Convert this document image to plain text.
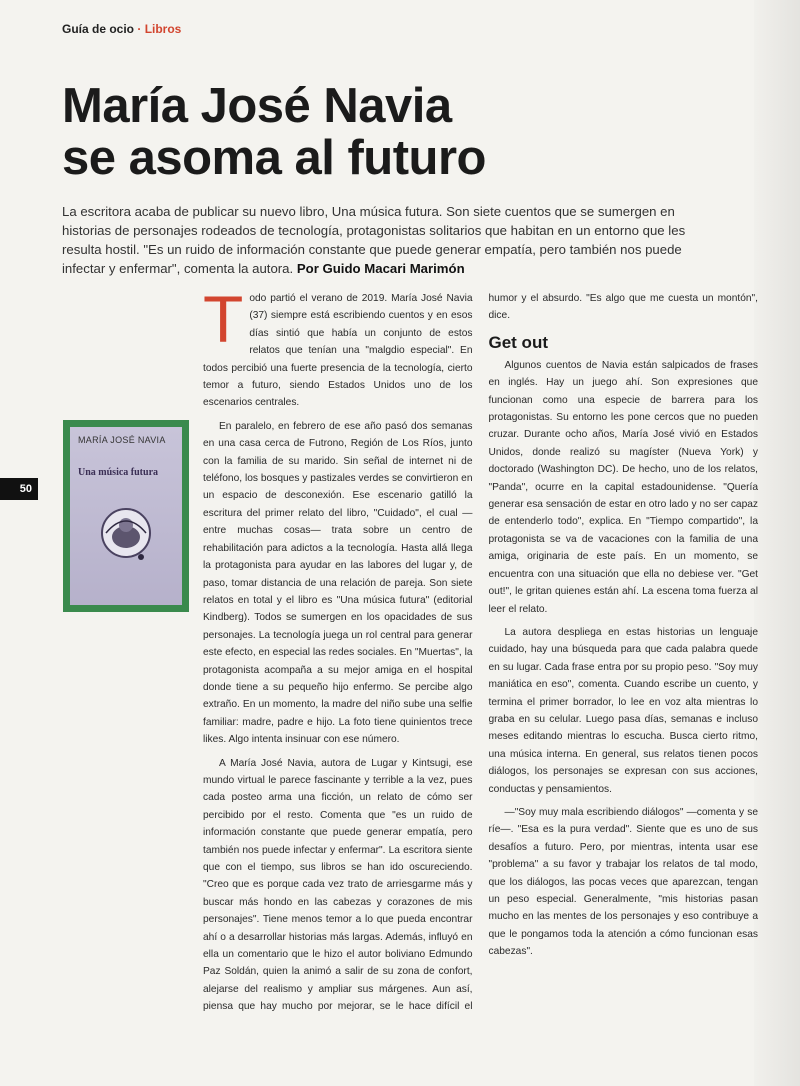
Guía de ocio · Libros
50
María José Navia
se asoma al futuro

La escritora acaba de publicar su nuevo libro, Una música futura. Son siete cuentos que se sumergen en historias de personajes rodeados de tecnología, protagonistas solitarios que habitan en un entorno que les resulta hostil. "Es un ruido de información constante que puede generar empatía, pero también nos puede infectar y enfermar", comenta la autora. Por Guido Macari Marimón

MARÍA JOSÉ NAVIA
Una música futura

Todo partió el verano de 2019. María José Navia (37) siempre está escribiendo cuentos y en esos días sintió que había un conjunto de estos relatos que tenían una "malgdio especial". En todos percibió una fuerte presencia de la tecnología, cierto temor a futuro, siendo Estados Unidos uno de los escenarios centrales.

En paralelo, en febrero de ese año pasó dos semanas en una casa cerca de Futrono, Región de Los Ríos, junto con la familia de su marido. Sin señal de internet ni de teléfono, los bosques y pastizales verdes se convirtieron en un espacio de desconexión. Ese escenario gatilló la escritura del primer relato del libro, "Cuidado", el cual —entre muchas cosas— trata sobre un centro de rehabilitación para adictos a la tecnología. Hasta allá llega la protagonista para ayudar en las labores del lugar y, de paso, tomar distancia de una relación de pareja. Son siete relatos en total y el libro es "Una música futura" (editorial Kindberg). Todos se sumergen en los opacidades de sus personajes. La tecnología juega un rol central para generar este efecto, en especial las redes sociales. En "Muertas", la protagonista acompaña a su mejor amiga en el hospital donde tiene a su pequeño hijo enfermo. Se percibe algo extraño. En un momento, la madre del niño sube una selfie familiar: madre, padre e hijo. La foto tiene quinientos trece likes. Algo intenta insinuar con ese número.

A María José Navia, autora de Lugar y Kintsugi, ese mundo virtual le parece fascinante y terrible a la vez, pues cada posteo arma una ficción, un relato de cómo ser percibido por el resto. Comenta que "es un ruido de información constante que puede generar empatía, pero también nos puede infectar y enfermar". La escritora siente que con el tiempo, sus libros se han ido oscureciendo. "Creo que es porque cada vez trato de arriesgarme más y buscar más hondo en las cabezas y corazones de mis personajes". Tiene menos temor a lo que pueda encontrar ahí o a desarrollar historias más largas. Además, influyó en ella un comentario que le hizo el autor boliviano Edmundo Paz Soldán, quien la animó a salir de su zona de confort, alejarse del realismo y ampliar sus márgenes. Aun así, piensa que hay mucho por mejorar, se le hace difícil el humor y el absurdo. "Es algo que me cuesta un montón", dice.

Get out

Algunos cuentos de Navia están salpicados de frases en inglés. Hay un juego ahí. Son expresiones que funcionan como una especie de barrera para los protagonistas. Su entorno les pone cercos que no pueden cruzar. Durante ocho años, María José vivió en Estados Unidos, donde realizó su magíster (Nueva York) y doctorado (Washington DC). De hecho, uno de los relatos, "Panda", ocurre en la capital estadounidense. "Quería generar esa sensación de estar en otro lado y no ser capaz de entenderlo todo", explica. En "Tiempo compartido", la protagonista se va de vacaciones con la familia de una amiga, originaria de este país. En un momento, se encuentra con una situación que ella no debiese ver. "Get out!", le gritan quienes están ahí. La escena toma fuerza al leer el relato.

La autora despliega en estas historias un lenguaje cuidado, hay una búsqueda para que cada palabra quede en su lugar. Cada frase entra por su propio peso. "Soy muy maniática en eso", comenta. Cuando escribe un cuento, y termina el primer borrador, lo lee en voz alta mientras lo graba en su celular. Luego pasa días, semanas e incluso meses editando mientras lo escucha. Busca cierto ritmo, una música interna. En general, sus relatos tienen pocos diálogos, los personajes se expresan con sus acciones, conductas y pensamientos.

—"Soy muy mala escribiendo diálogos" —comenta y se ríe—. "Esa es la pura verdad". Siente que es uno de sus desafíos a futuro. Pero, por mientras, intenta usar ese "problema" a su favor y trabajar los relatos de tal modo, que los diálogos, las pocas veces que aparezcan, tengan un peso especial. Generalmente, "mis historias pasan mucho en las mentes de los personajes y eso contribuye a que le pongamos toda la atención a cómo funcionan esas cabezas".
